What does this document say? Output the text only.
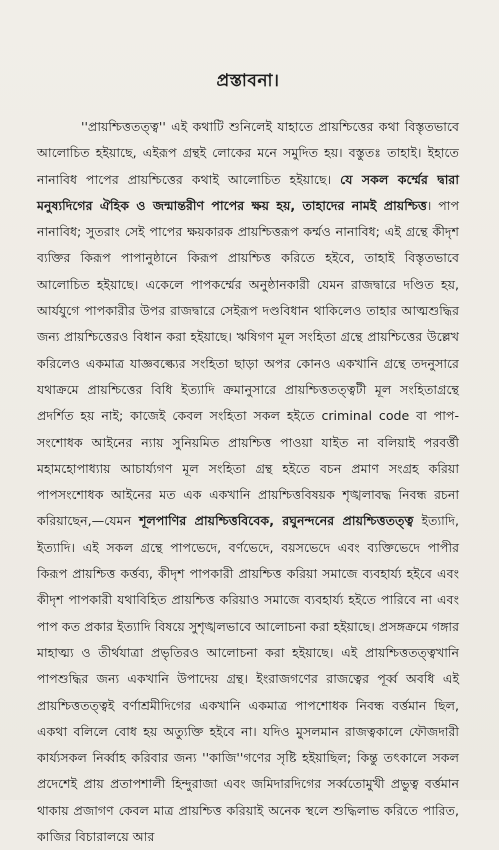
প্রস্তাবনা।

''প্রায়শ্চিত্ততত্ত্ব'' এই কথাটি শুনিলেই যাহাতে প্রায়শ্চিত্তের কথা বিস্তৃতভাবে আলোচিত হইয়াছে, এইরূপ গ্রন্থই লোকের মনে সমুদিত হয়। বস্তুতঃ তাহাই। ইহাতে নানাবিধ পাপের প্রায়শ্চিত্তের কথাই আলোচিত হইয়াছে। যে সকল কর্ম্মের দ্বারা মনুষ্যদিগের ঐহিক ও জন্মান্তরীণ পাপের ক্ষয় হয়, তাহাদের নামই প্রায়শ্চিত্ত। পাপ নানাবিধ; সুতরাং সেই পাপের ক্ষয়কারক প্রায়শ্চিত্তরূপ কর্ম্মও নানাবিধ; এই গ্রন্থে কীদৃশ ব্যক্তির কিরূপ পাপানুষ্ঠানে কিরূপ প্রায়শ্চিত্ত করিতে হইবে, তাহাই বিস্তৃতভাবে আলোচিত হইয়াছে। একেলে পাপকর্ম্মের অনুষ্ঠানকারী যেমন রাজদ্বারে দণ্ডিত হয়, আর্যযুগে পাপকারীর উপর রাজদ্বারে সেইরূপ দণ্ডবিধান থাকিলেও তাহার আত্মশুদ্ধির জন্য প্রায়শ্চিত্তেরও বিধান করা হইয়াছে। ঋষিগণ মূল সংহিতা গ্রন্থে প্রায়শ্চিত্তের উল্লেখ করিলেও একমাত্র যাজ্ঞবল্ক্যের সংহিতা ছাড়া অপর কোনও একখানি গ্রন্থে তদনুসারে যথাক্রমে প্রায়শ্চিত্তের বিধি ইত্যাদি ক্রমানুসারে প্রায়শ্চিত্ততত্ত্বটী মূল সংহিতাগ্রন্থে প্রদর্শিত হয় নাই; কাজেই কেবল সংহিতা সকল হইতে criminal code বা পাপ-সংশোধক আইনের ন্যায় সুনিয়মিত প্রায়শ্চিত্ত পাওয়া যাইত না বলিয়াই পরবর্ত্তী মহামহোপাধ্যায় আচার্য্যগণ মূল সংহিতা গ্রন্থ হইতে বচন প্রমাণ সংগ্রহ করিয়া পাপসংশোধক আইনের মত এক একখানি প্রায়শ্চিত্তবিষয়ক শৃঙ্খলাবদ্ধ নিবন্ধ রচনা করিয়াছেন,—যেমন শূলপাণির প্রায়শ্চিত্তবিবেক, রঘুনন্দনের প্রায়শ্চিত্ততত্ত্ব ইত্যাদি, ইত্যাদি। এই সকল গ্রন্থে পাপভেদে, বর্ণভেদে, বয়সভেদে এবং ব্যক্তিভেদে পাপীর কিরূপ প্রায়শ্চিত্ত কর্ত্তব্য, কীদৃশ পাপকারী প্রায়শ্চিত্ত করিয়া সমাজে ব্যবহার্য্য হইবে এবং কীদৃশ পাপকারী যথাবিহিত প্রায়শ্চিত্ত করিয়াও সমাজে ব্যবহার্য্য হইতে পারিবে না এবং পাপ কত প্রকার ইত্যাদি বিষয়ে সুশৃঙ্খলভাবে আলোচনা করা হইয়াছে। প্রসঙ্গক্রমে গঙ্গার মাহাত্ম্য ও তীর্থযাত্রা প্রভৃতিরও আলোচনা করা হইয়াছে। এই প্রায়শ্চিত্ততত্ত্বখানি পাপশুদ্ধির জন্য একখানি উপাদেয় গ্রন্থ। ইংরাজগণের রাজত্বের পূর্ব্ব অবধি এই প্রায়শ্চিত্ততত্ত্বই বর্ণাশ্রমীদিগের একখানি একমাত্র পাপশোধক নিবন্ধ বর্ত্তমান ছিল, একথা বলিলে বোধ হয় অত্যুক্তি হইবে না। যদিও মুসলমান রাজত্বকালে ফৌজদারী কার্য্যসকল নির্ব্বাহ করিবার জন্য ''কাজি''গণের সৃষ্টি হইয়াছিল; কিন্তু তৎকালে সকল প্রদেশেই প্রায় প্রতাপশালী হিন্দুরাজা এবং জমিদারদিগের সর্ব্বতোমুখী প্রভুত্ব বর্ত্তমান থাকায় প্রজাগণ কেবল মাত্র প্রায়শ্চিত্ত করিয়াই অনেক স্থলে শুদ্ধিলাভ করিতে পারিত, কাজির বিচারালয়ে আর
